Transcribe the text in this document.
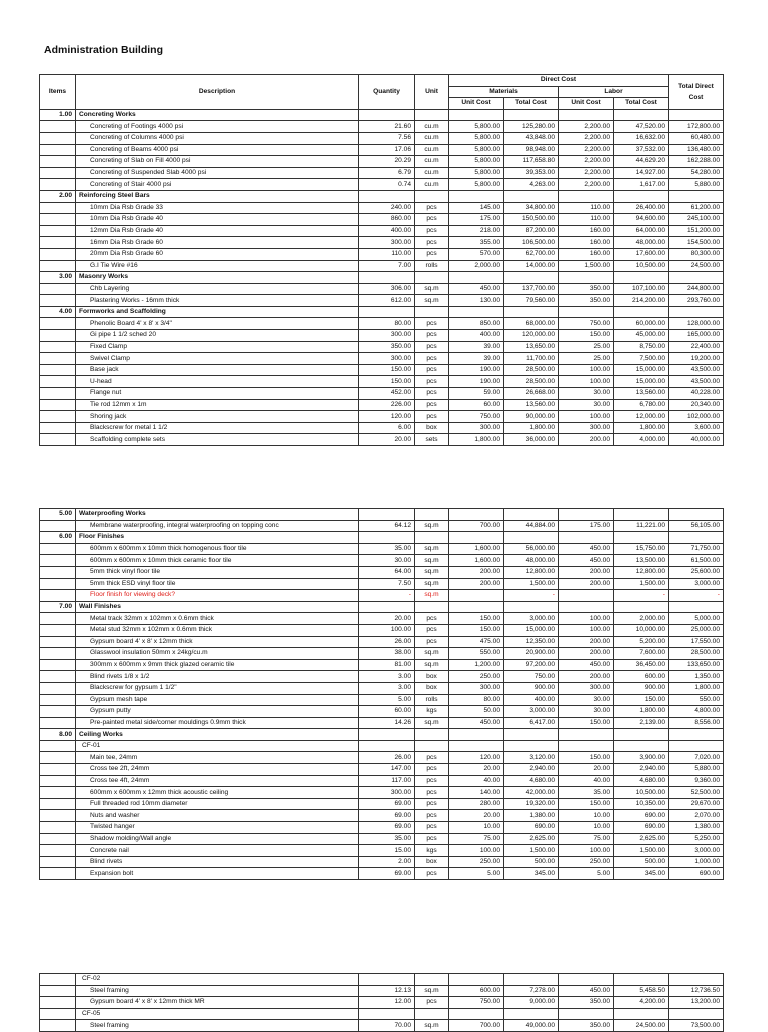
Administration Building
Items	Description	Quantity	Unit	Direct Cost				Total Direct Cost
				Materials		Labor		
				Unit Cost	Total Cost	Unit Cost	Total Cost	
1.00	Concreting Works							
	Concreting of Footings 4000 psi	21.60	cu.m	5,800.00	125,280.00	2,200.00	47,520.00	172,800.00
	Concreting of Columns 4000 psi	7.56	cu.m	5,800.00	43,848.00	2,200.00	16,632.00	60,480.00
	Concreting of Beams 4000 psi	17.06	cu.m	5,800.00	98,948.00	2,200.00	37,532.00	136,480.00
	Concreting of Slab on Fill 4000 psi	20.29	cu.m	5,800.00	117,658.80	2,200.00	44,629.20	162,288.00
	Concreting of Suspended Slab 4000 psi	6.79	cu.m	5,800.00	39,353.00	2,200.00	14,927.00	54,280.00
	Concreting of Stair 4000 psi	0.74	cu.m	5,800.00	4,263.00	2,200.00	1,617.00	5,880.00
2.00	Reinforcing Steel Bars							
	10mm Dia Rsb Grade 33	240.00	pcs	145.00	34,800.00	110.00	26,400.00	61,200.00
	10mm Dia Rsb Grade 40	860.00	pcs	175.00	150,500.00	110.00	94,600.00	245,100.00
	12mm Dia Rsb Grade 40	400.00	pcs	218.00	87,200.00	160.00	64,000.00	151,200.00
	16mm Dia Rsb Grade 60	300.00	pcs	355.00	106,500.00	160.00	48,000.00	154,500.00
	20mm Dia Rsb Grade 60	110.00	pcs	570.00	62,700.00	160.00	17,600.00	80,300.00
	G.I Tie Wire #16	7.00	rolls	2,000.00	14,000.00	1,500.00	10,500.00	24,500.00
3.00	Masonry Works							
	Chb Layering	306.00	sq.m	450.00	137,700.00	350.00	107,100.00	244,800.00
	Plastering Works - 16mm thick	612.00	sq.m	130.00	79,560.00	350.00	214,200.00	293,760.00
4.00	Formworks and Scaffolding							
	Phenolic Board 4' x 8' x 3/4"	80.00	pcs	850.00	68,000.00	750.00	60,000.00	128,000.00
	Gi pipe 1 1/2 sched 20	300.00	pcs	400.00	120,000.00	150.00	45,000.00	165,000.00
	Fixed Clamp	350.00	pcs	39.00	13,650.00	25.00	8,750.00	22,400.00
	Swivel Clamp	300.00	pcs	39.00	11,700.00	25.00	7,500.00	19,200.00
	Base jack	150.00	pcs	190.00	28,500.00	100.00	15,000.00	43,500.00
	U-head	150.00	pcs	190.00	28,500.00	100.00	15,000.00	43,500.00
	Flange nut	452.00	pcs	59.00	26,668.00	30.00	13,560.00	40,228.00
	Tie rod 12mm x 1m	226.00	pcs	60.00	13,560.00	30.00	6,780.00	20,340.00
	Shoring jack	120.00	pcs	750.00	90,000.00	100.00	12,000.00	102,000.00
	Blackscrew for metal 1 1/2	6.00	box	300.00	1,800.00	300.00	1,800.00	3,600.00
	Scaffolding complete sets	20.00	sets	1,800.00	36,000.00	200.00	4,000.00	40,000.00
5.00	Waterproofing Works							
	Membrane waterproofing, integral waterproofing on topping conc	64.12	sq.m	700.00	44,884.00	175.00	11,221.00	56,105.00
6.00	Floor Finishes							
	600mm x 600mm x 10mm thick homogenous floor tile	35.00	sq.m	1,600.00	56,000.00	450.00	15,750.00	71,750.00
	600mm x 600mm x 10mm thick ceramic floor tile	30.00	sq.m	1,600.00	48,000.00	450.00	13,500.00	61,500.00
	5mm thick vinyl floor tile	64.00	sq.m	200.00	12,800.00	200.00	12,800.00	25,600.00
	5mm thick ESD vinyl floor tile	7.50	sq.m	200.00	1,500.00	200.00	1,500.00	3,000.00
	Floor finish for viewing deck?	-	sq.m		-		-	-
7.00	Wall Finishes							
	Metal track 32mm x 102mm x 0.6mm thick	20.00	pcs	150.00	3,000.00	100.00	2,000.00	5,000.00
	Metal stud 32mm x 102mm x 0.6mm thick	100.00	pcs	150.00	15,000.00	100.00	10,000.00	25,000.00
	Gypsum board 4' x 8' x 12mm thick	26.00	pcs	475.00	12,350.00	200.00	5,200.00	17,550.00
	Glasswool insulation 50mm x 24kg/cu.m	38.00	sq.m	550.00	20,900.00	200.00	7,600.00	28,500.00
	300mm x 600mm x 9mm thick glazed ceramic tile	81.00	sq.m	1,200.00	97,200.00	450.00	36,450.00	133,650.00
	Blind rivets 1/8 x 1/2	3.00	box	250.00	750.00	200.00	600.00	1,350.00
	Blackscrew for gypsum 1 1/2"	3.00	box	300.00	900.00	300.00	900.00	1,800.00
	Gypsum mesh tape	5.00	rolls	80.00	400.00	30.00	150.00	550.00
	Gypsum putty	60.00	kgs	50.00	3,000.00	30.00	1,800.00	4,800.00
	Pre-painted metal side/corner mouldings 0.9mm thick	14.26	sq.m	450.00	6,417.00	150.00	2,139.00	8,556.00
8.00	Ceiling Works							
	CF-01							
	Main tee, 24mm	26.00	pcs	120.00	3,120.00	150.00	3,900.00	7,020.00
	Cross tee 2ft, 24mm	147.00	pcs	20.00	2,940.00	20.00	2,940.00	5,880.00
	Cross tee 4ft, 24mm	117.00	pcs	40.00	4,680.00	40.00	4,680.00	9,360.00
	600mm x 600mm x 12mm thick acoustic ceiling	300.00	pcs	140.00	42,000.00	35.00	10,500.00	52,500.00
	Full threaded rod 10mm diameter	69.00	pcs	280.00	19,320.00	150.00	10,350.00	29,670.00
	Nuts and washer	69.00	pcs	20.00	1,380.00	10.00	690.00	2,070.00
	Twisted hanger	69.00	pcs	10.00	690.00	10.00	690.00	1,380.00
	Shadow molding/Wall angle	35.00	pcs	75.00	2,625.00	75.00	2,625.00	5,250.00
	Concrete nail	15.00	kgs	100.00	1,500.00	100.00	1,500.00	3,000.00
	Blind rivets	2.00	box	250.00	500.00	250.00	500.00	1,000.00
	Expansion bolt	69.00	pcs	5.00	345.00	5.00	345.00	690.00
	CF-02							
	Steel framing	12.13	sq.m	600.00	7,278.00	450.00	5,458.50	12,736.50
	Gypsum board 4' x 8' x 12mm thick MR	12.00	pcs	750.00	9,000.00	350.00	4,200.00	13,200.00
	CF-05							
	Steel framing	70.00	sq.m	700.00	49,000.00	350.00	24,500.00	73,500.00
